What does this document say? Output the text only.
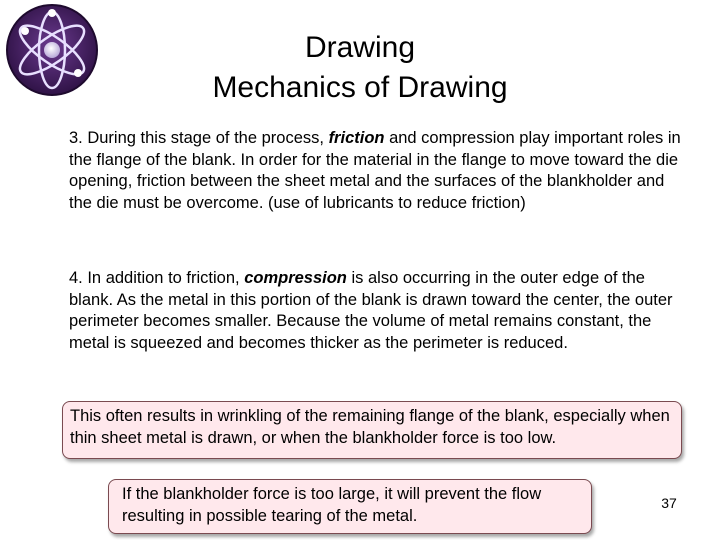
Drawing
Mechanics of Drawing
3. During this stage of the process, friction and compression play important roles in the flange of the blank. In order for the material in the flange to move toward the die opening, friction between the sheet metal and the surfaces of the blankholder and the die must be overcome. (use of lubricants to reduce friction)
4. In addition to friction, compression is also occurring in the outer edge of the blank. As the metal in this portion of the blank is drawn toward the center, the outer perimeter becomes smaller. Because the volume of metal remains constant, the metal is squeezed and becomes thicker as the perimeter is reduced.
This often results in wrinkling of the remaining flange of the blank, especially when thin sheet metal is drawn, or when the blankholder force is too low.
If the blankholder force is too large, it will prevent the flow resulting in possible tearing of the metal.
37
